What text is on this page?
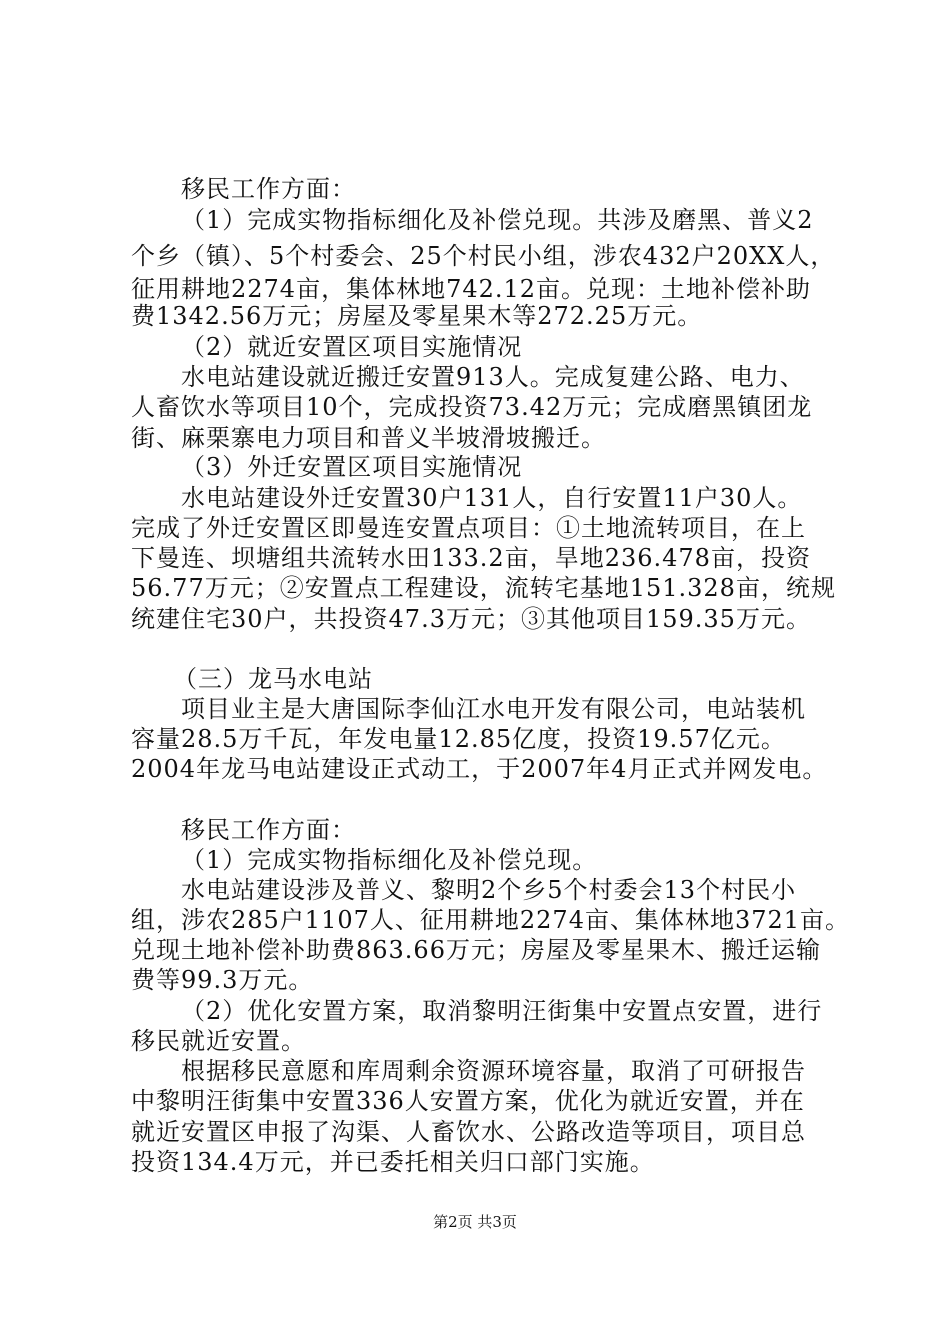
移民工作方面：
（1）完成实物指标细化及补偿兑现。共涉及磨黑、普义2
个乡（镇）、5个村委会、25个村民小组，涉农432户20XX人，
征用耕地2274亩，集体林地742.12亩。兑现：土地补偿补助
费1342.56万元；房屋及零星果木等272.25万元。
（2）就近安置区项目实施情况
水电站建设就近搬迁安置913人。完成复建公路、电力、
人畜饮水等项目10个，完成投资73.42万元；完成磨黑镇团龙
街、麻栗寨电力项目和普义半坡滑坡搬迁。
（3）外迁安置区项目实施情况
水电站建设外迁安置30户131人，自行安置11户30人。
完成了外迁安置区即曼连安置点项目：①土地流转项目，在上
下曼连、坝塘组共流转水田133.2亩，旱地236.478亩，投资
56.77万元；②安置点工程建设，流转宅基地151.328亩，统规
统建住宅30户，共投资47.3万元；③其他项目159.35万元。
（三）龙马水电站
项目业主是大唐国际李仙江水电开发有限公司，电站装机
容量28.5万千瓦，年发电量12.85亿度，投资19.57亿元。
2004年龙马电站建设正式动工，于2007年4月正式并网发电。
移民工作方面：
（1）完成实物指标细化及补偿兑现。
水电站建设涉及普义、黎明2个乡5个村委会13个村民小
组，涉农285户1107人、征用耕地2274亩、集体林地3721亩。
兑现土地补偿补助费863.66万元；房屋及零星果木、搬迁运输
费等99.3万元。
（2）优化安置方案，取消黎明汪街集中安置点安置，进行
移民就近安置。
根据移民意愿和库周剩余资源环境容量，取消了可研报告
中黎明汪街集中安置336人安置方案，优化为就近安置，并在
就近安置区申报了沟渠、人畜饮水、公路改造等项目，项目总
投资134.4万元，并已委托相关归口部门实施。
第2页 共3页
